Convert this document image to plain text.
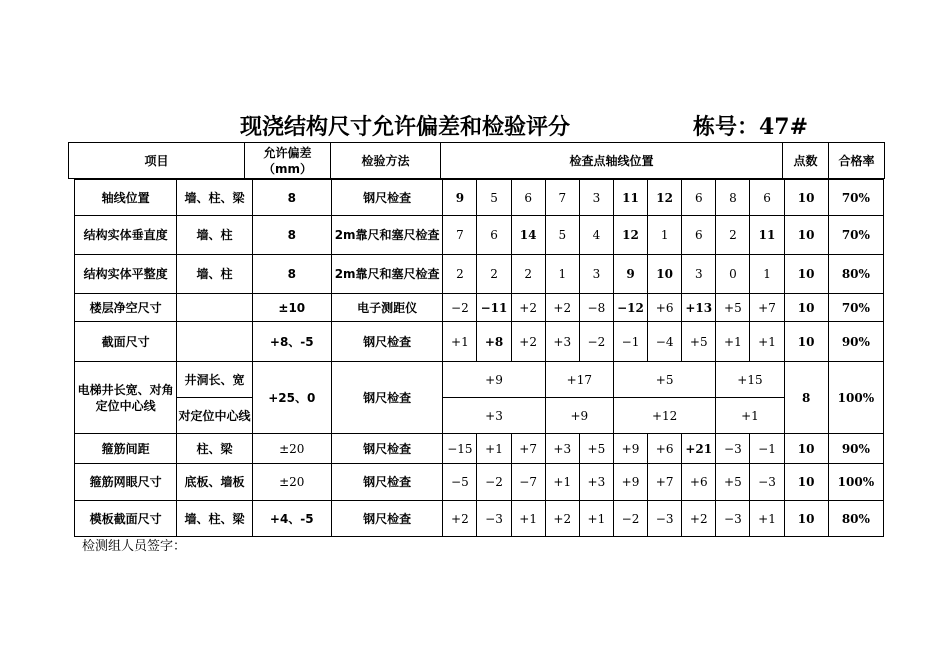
现浇结构尺寸允许偏差和检验评分	栋号：47#
项目	允许偏差（mm）	检验方法	检查点轴线位置	点数	合格率
轴线位置	墙、柱、梁	8	钢尺检查	9	5	6	7	3	11	12	6	8	6	10	70%
结构实体垂直度	墙、柱	8	2m靠尺和塞尺检查	7	6	14	5	4	12	1	6	2	11	10	70%
结构实体平整度	墙、柱	8	2m靠尺和塞尺检查	2	2	2	1	3	9	10	3	0	1	10	80%
楼层净空尺寸		±10	电子测距仪	−2	−11	+2	+2	−8	−12	+6	+13	+5	+7	10	70%
截面尺寸		+8、-5	钢尺检查	+1	+8	+2	+3	−2	−1	−4	+5	+1	+1	10	90%
电梯井长宽、对角定位中心线	井洞长、宽	+25、0	钢尺检查	+9			+17		+5			+15		8	100%
	对定位中心线			+3			+9		+12			+1			
箍筋间距	柱、梁	±20	钢尺检查	−15	+1	+7	+3	+5	+9	+6	+21	−3	−1	10	90%
箍筋网眼尺寸	底板、墙板	±20	钢尺检查	−5	−2	−7	+1	+3	+9	+7	+6	+5	−3	10	100%
模板截面尺寸	墙、柱、梁	+4、-5	钢尺检查	+2	−3	+1	+2	+1	−2	−3	+2	−3	+1	10	80%
检测组人员签字：
